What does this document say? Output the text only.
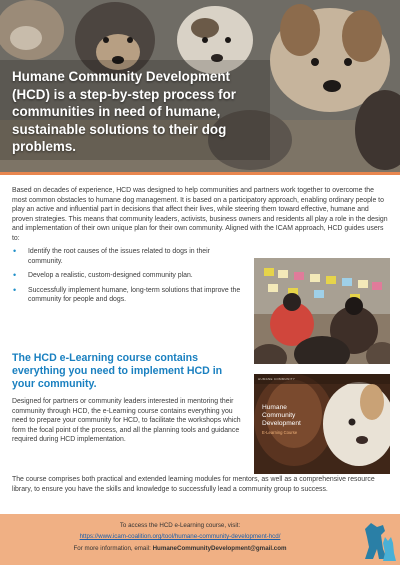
Humane Community Development (HCD) is a step-by-step process for communities in need of humane, sustainable solutions to their dog problems.

Based on decades of experience, HCD was designed to help communities and partners work together to overcome the most common obstacles to humane dog management. It is based on a participatory approach, enabling ordinary people to play an active and influential part in decisions that affect their lives, while steering them toward effective, humane and proven strategies. This means that community leaders, activists, business owners and residents all play a role in the design and implementation of their own unique plan for their own community. Aligned with the ICAM approach, HCD guides users to:

• Identify the root causes of the issues related to dogs in their community.
• Develop a realistic, custom-designed community plan.
• Successfully implement humane, long-term solutions that improve the community for people and dogs.
The HCD e-Learning course contains everything you need to implement HCD in your community.

Designed for partners or community leaders interested in mentoring their community through HCD, the e-Learning course contains everything you need to prepare your community for HCD, to facilitate the workshops which form the focal point of the process, and all the planning tools and guidance required during HCD implementation.

HUMANE COMMUNITY
Humane Community Development
E-Learning Course

The course comprises both practical and extended learning modules for mentors, as well as a comprehensive resource library, to ensure you have the skills and knowledge to successfully lead a community group to success.

To access the HCD e-Learning course, visit:

https://www.icam-coalition.org/tool/humane-community-development-hcd/

For more information, email: HumaneCommunityDevelopment@gmail.com
